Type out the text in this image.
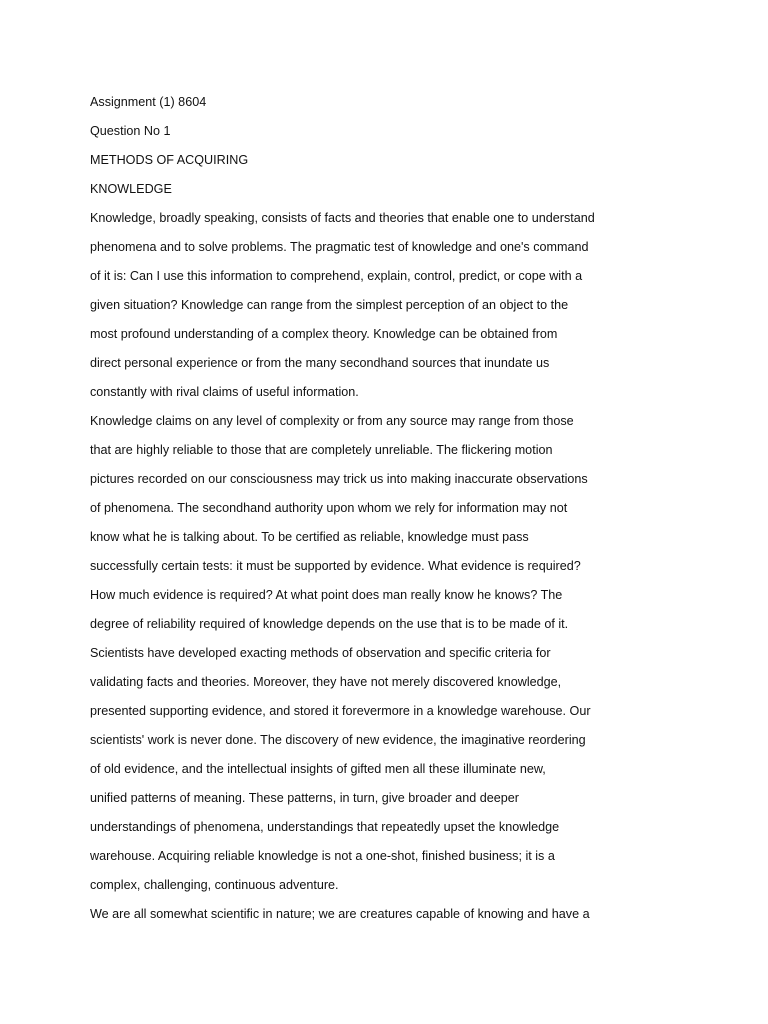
Assignment (1) 8604
Question No 1
METHODS OF ACQUIRING
KNOWLEDGE
Knowledge, broadly speaking, consists of facts and theories that enable one to understand
phenomena and to solve problems. The pragmatic test of knowledge and one's command
of it is: Can I use this information to comprehend, explain, control, predict, or cope with a
given situation? Knowledge can range from the simplest perception of an object to the
most profound understanding of a complex theory. Knowledge can be obtained from
direct personal experience or from the many secondhand sources that inundate us
constantly with rival claims of useful information.
Knowledge claims on any level of complexity or from any source may range from those
that are highly reliable to those that are completely unreliable. The flickering motion
pictures recorded on our consciousness may trick us into making inaccurate observations
of phenomena. The secondhand authority upon whom we rely for information may not
know what he is talking about. To be certified as reliable, knowledge must pass
successfully certain tests: it must be supported by evidence. What evidence is required?
How much evidence is required? At what point does man really know he knows? The
degree of reliability required of knowledge depends on the use that is to be made of it.
Scientists have developed exacting methods of observation and specific criteria for
validating facts and theories. Moreover, they have not merely discovered knowledge,
presented supporting evidence, and stored it forevermore in a knowledge warehouse. Our
scientists' work is never done. The discovery of new evidence, the imaginative reordering
of old evidence, and the intellectual insights of gifted men all these illuminate new,
unified patterns of meaning. These patterns, in turn, give broader and deeper
understandings of phenomena, understandings that repeatedly upset the knowledge
warehouse. Acquiring reliable knowledge is not a one-shot, finished business; it is a
complex, challenging, continuous adventure.
We are all somewhat scientific in nature; we are creatures capable of knowing and have a
